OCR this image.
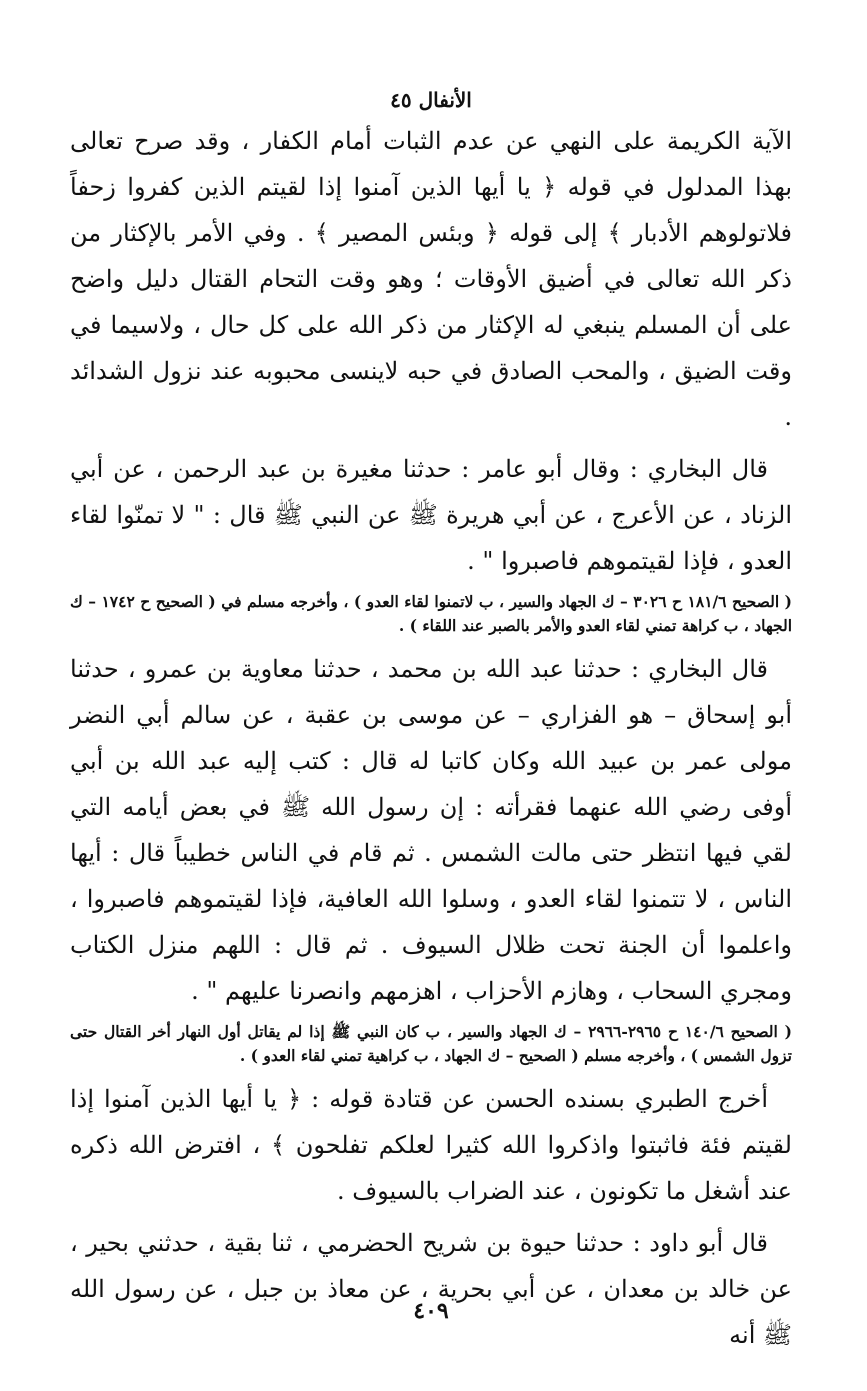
الأنفال ٤٥

الآية الكريمة على النهي عن عدم الثبات أمام الكفار ، وقد صرح تعالى بهذا المدلول في قوله ﴿ يا أيها الذين آمنوا إذا لقيتم الذين كفروا زحفاً فلاتولوهم الأدبار ﴾ إلى قوله ﴿ وبئس المصير ﴾ . وفي الأمر بالإكثار من ذكر الله تعالى في أضيق الأوقات ؛ وهو وقت التحام القتال دليل واضح على أن المسلم ينبغي له الإكثار من ذكر الله على كل حال ، ولاسيما في وقت الضيق ، والمحب الصادق في حبه لاينسى محبوبه عند نزول الشدائد .

قال البخاري : وقال أبو عامر : حدثنا مغيرة بن عبد الرحمن ، عن أبي الزناد ، عن الأعرج ، عن أبي هريرة ﷺ عن النبي ﷺ قال : " لا تمنّوا لقاء العدو ، فإذا لقيتموهم فاصبروا " .

( الصحيح ١٨١/٦ ح ٣٠٢٦ – ك الجهاد والسير ، ب لاتمنوا لقاء العدو ) ، وأخرجه مسلم في ( الصحيح ح ١٧٤٢ – ك الجهاد ، ب كراهة تمني لقاء العدو والأمر بالصبر عند اللقاء ) .

قال البخاري : حدثنا عبد الله بن محمد ، حدثنا معاوية بن عمرو ، حدثنا أبو إسحاق – هو الفزاري – عن موسى بن عقبة ، عن سالم أبي النضر مولى عمر بن عبيد الله وكان كاتبا له قال : كتب إليه عبد الله بن أبي أوفى رضي الله عنهما فقرأته : إن رسول الله ﷺ في بعض أيامه التي لقي فيها انتظر حتى مالت الشمس . ثم قام في الناس خطيباً قال : أيها الناس ، لا تتمنوا لقاء العدو ، وسلوا الله العافية، فإذا لقيتموهم فاصبروا ، واعلموا أن الجنة تحت ظلال السيوف . ثم قال : اللهم منزل الكتاب ومجري السحاب ، وهازم الأحزاب ، اهزمهم وانصرنا عليهم " .

( الصحيح ١٤٠/٦ ح ٢٩٦٥-٢٩٦٦ – ك الجهاد والسير ، ب كان النبي ﷺ إذا لم يقاتل أول النهار أخر القتال حتى تزول الشمس ) ، وأخرجه مسلم ( الصحيح – ك الجهاد ، ب كراهية تمني لقاء العدو ) .

أخرج الطبري بسنده الحسن عن قتادة قوله : ﴿ يا أيها الذين آمنوا إذا لقيتم فئة فاثبتوا واذكروا الله كثيرا لعلكم تفلحون ﴾ ، افترض الله ذكره عند أشغل ما تكونون ، عند الضراب بالسيوف .

قال أبو داود : حدثنا حيوة بن شريح الحضرمي ، ثنا بقية ، حدثني بحير ، عن خالد بن معدان ، عن أبي بحرية ، عن معاذ بن جبل ، عن رسول الله ﷺ أنه

٤٠٩
